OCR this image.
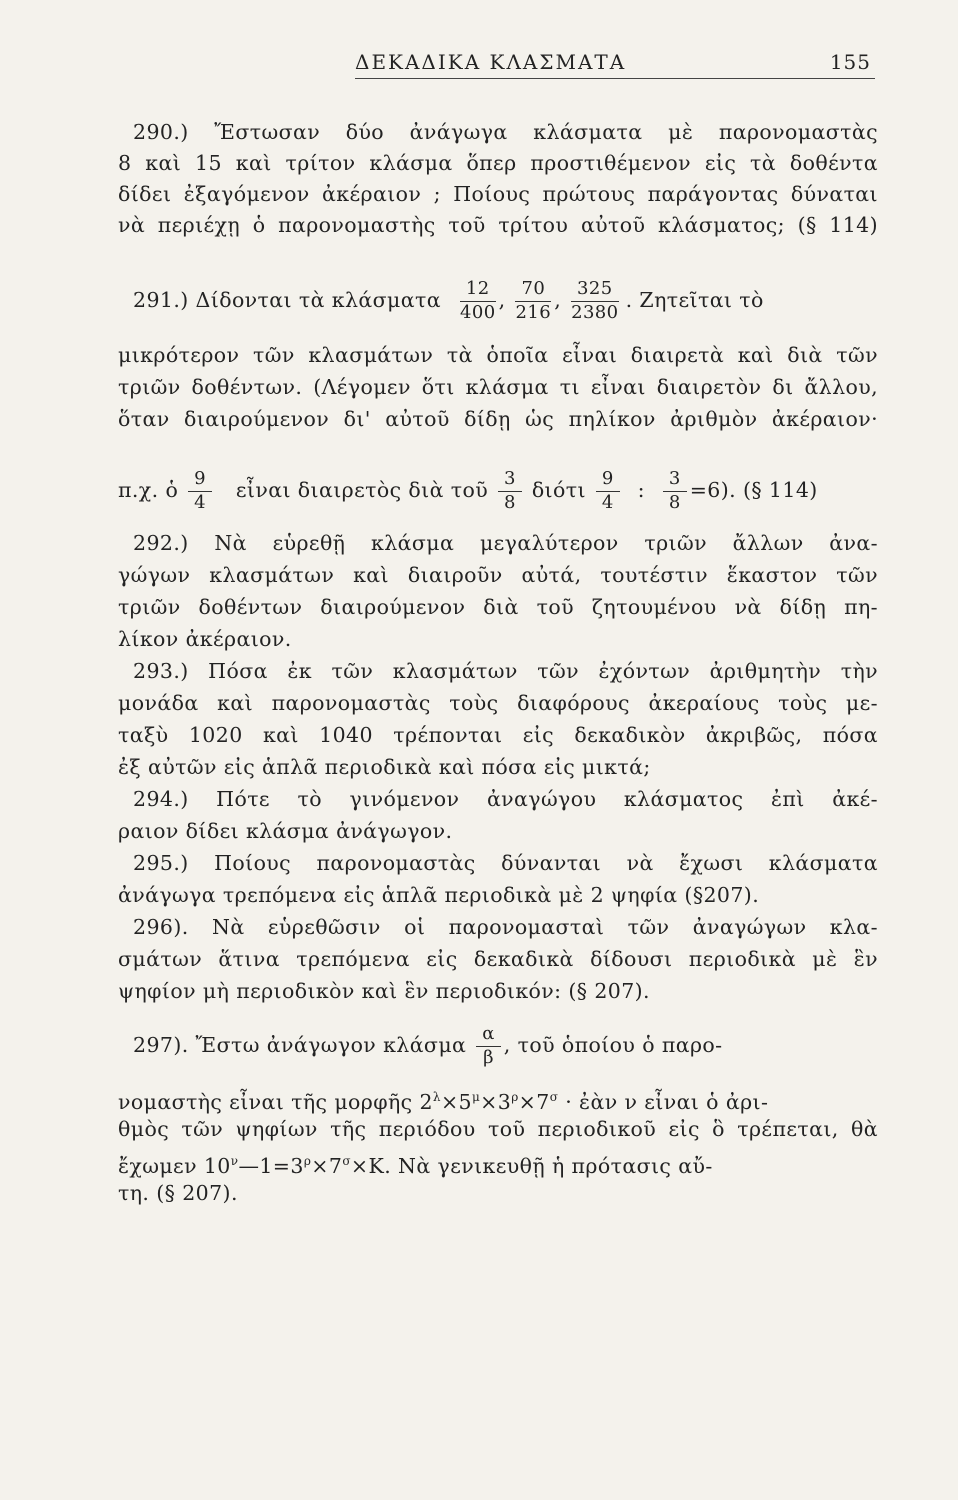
ΔΕΚΑΔΙΚΑ ΚΛΑΣΜΑΤΑ	155
290.) Ἔστωσαν δύο ἀνάγωγα κλάσματα μὲ παρονομαστὰς
8 καὶ 15 καὶ τρίτον κλάσμα ὅπερ προστιθέμενον εἰς τὰ δοθέντα
δίδει ἐξαγόμενον ἀκέραιον ; Ποίους πρώτους παράγοντας δύναται
νὰ περιέχῃ ὁ παρονομαστὴς τοῦ τρίτου αὐτοῦ κλάσματος; (§ 114)
291.) Δίδονται τὰ κλάσματα $\frac{12}{400}$ , $\frac{70}{216}$ , $\frac{325}{2380}$ . Ζητεῖται τὸ
μικρότερον τῶν κλασμάτων τὰ ὁποῖα εἶναι διαιρετὰ καὶ διὰ τῶν
τριῶν δοθέντων. (Λέγομεν ὅτι κλάσμα τι εἶναι διαιρετὸν δι ἄλλου,
ὅταν διαιρούμενον δι' αὐτοῦ δίδῃ ὡς πηλίκον ἀριθμὸν ἀκέραιον·
π.χ. ὁ $\frac{9}{4}$ εἶναι διαιρετὸς διὰ τοῦ $\frac{3}{8}$ διότι $\frac{9}{4}$ : $\frac{3}{8} =6$). (§ 114)
292.) Νὰ εὑρεθῇ κλάσμα μεγαλύτερον τριῶν ἄλλων ἀνα-
γώγων κλασμάτων καὶ διαιροῦν αὐτά, τουτέστιν ἕκαστον τῶν
τριῶν δοθέντων διαιρούμενον διὰ τοῦ ζητουμένου νὰ δίδῃ πη-
λίκον ἀκέραιον.
293.) Πόσα ἐκ τῶν κλασμάτων τῶν ἐχόντων ἀριθμητὴν τὴν
μονάδα καὶ παρονομαστὰς τοὺς διαφόρους ἀκεραίους τοὺς με-
ταξὺ 1020 καὶ 1040 τρέπονται εἰς δεκαδικὸν ἀκριβῶς, πόσα
ἐξ αὐτῶν εἰς ἁπλᾶ περιοδικὰ καὶ πόσα εἰς μικτά;
294.) Πότε τὸ γινόμενον ἀναγώγου κλάσματος ἐπὶ ἀκέ-
ραιον δίδει κλάσμα ἀνάγωγον.
295.) Ποίους παρονομαστὰς δύνανται νὰ ἔχωσι κλάσματα
ἀνάγωγα τρεπόμενα εἰς ἁπλᾶ περιοδικὰ μὲ 2 ψηφία (§207).
296). Νὰ εὑρεθῶσιν οἱ παρονομασταὶ τῶν ἀναγώγων κλα-
σμάτων ἅτινα τρεπόμενα εἰς δεκαδικὰ δίδουσι περιοδικὰ μὲ ἓν
ψηφίον μὴ περιοδικὸν καὶ ἓν περιοδικόν: (§ 207).
297). Ἔστω ἀνάγωγον κλάσμα $\frac{\alpha}{\beta}$ , τοῦ ὁποίου ὁ παρο-
νομαστὴς εἶναι τῆς μορφῆς $2^\lambda\times 5^\mu\times 3^\rho\times 7^\sigma$ · ἐὰν ν εἶναι ὁ ἀρι-
θμὸς τῶν ψηφίων τῆς περιόδου τοῦ περιοδικοῦ εἰς ὃ τρέπεται, θὰ
ἔχωμεν $10^\nu—1=3^\rho\times 7^\sigma\times K$. Νὰ γενικευθῇ ἡ πρότασις αὔ-
τη. (§ 207).
